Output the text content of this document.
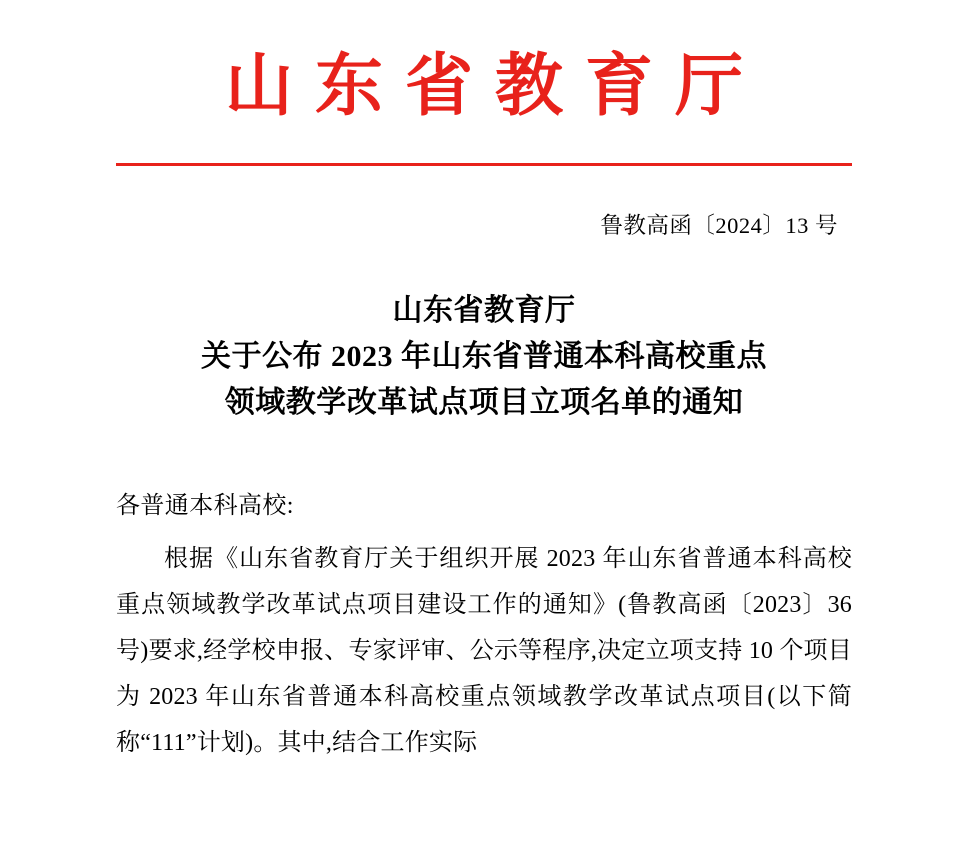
山东省教育厅
鲁教高函〔2024〕13 号
山东省教育厅
关于公布 2023 年山东省普通本科高校重点
领域教学改革试点项目立项名单的通知
各普通本科高校:
根据《山东省教育厅关于组织开展 2023 年山东省普通本科高校重点领域教学改革试点项目建设工作的通知》(鲁教高函〔2023〕36 号)要求,经学校申报、专家评审、公示等程序,决定立项支持 10 个项目为 2023 年山东省普通本科高校重点领域教学改革试点项目(以下简称“111”计划)。其中,结合工作实际
